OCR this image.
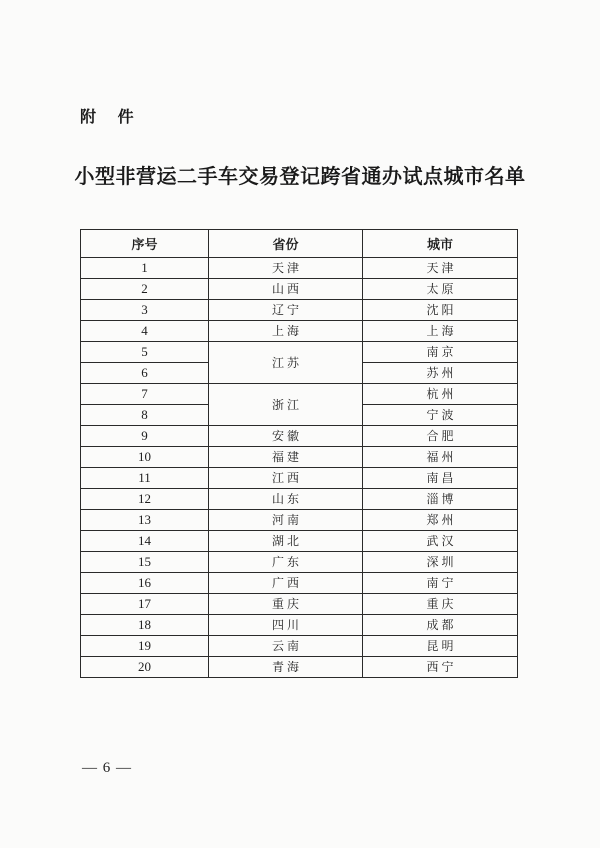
附 件
小型非营运二手车交易登记跨省通办试点城市名单
序号	省份	城市
1	天津	天津
2	山西	太原
3	辽宁	沈阳
4	上海	上海
5	江苏	南京
6		苏州
7	浙江	杭州
8		宁波
9	安徽	合肥
10	福建	福州
11	江西	南昌
12	山东	淄博
13	河南	郑州
14	湖北	武汉
15	广东	深圳
16	广西	南宁
17	重庆	重庆
18	四川	成都
19	云南	昆明
20	青海	西宁
— 6 —
